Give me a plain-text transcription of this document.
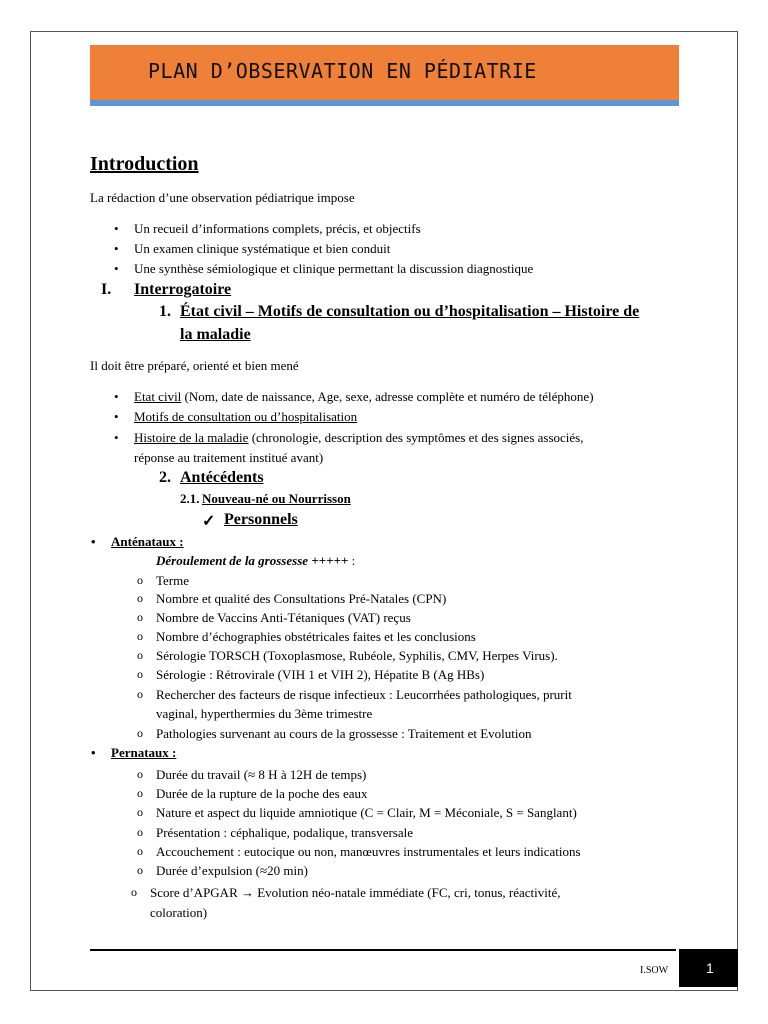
PLAN D’OBSERVATION EN PÉDIATRIE
Introduction
La rédaction d’une observation pédiatrique impose
• Un recueil d’informations complets, précis, et objectifs
• Un examen clinique systématique et bien conduit
• Une synthèse sémiologique et clinique permettant la discussion diagnostique
I. Interrogatoire
1. État civil – Motifs de consultation ou d’hospitalisation – Histoire de
la maladie
Il doit être préparé, orienté et bien mené
• Etat civil (Nom, date de naissance, Age, sexe, adresse complète et numéro de téléphone)
• Motifs de consultation ou d’hospitalisation
• Histoire de la maladie (chronologie, description des symptômes et des signes associés,
réponse au traitement institué avant)
2. Antécédents
2.1. Nouveau-né ou Nourrisson
✓ Personnels
• Anténataux :
Déroulement de la grossesse +++++ :
o Terme
o Nombre et qualité des Consultations Pré-Natales (CPN)
o Nombre de Vaccins Anti-Tétaniques (VAT) reçus
o Nombre d’échographies obstétricales faites et les conclusions
o Sérologie TORSCH (Toxoplasmose, Rubéole, Syphilis, CMV, Herpes Virus).
o Sérologie : Rétrovirale (VIH 1 et VIH 2), Hépatite B (Ag HBs)
o Rechercher des facteurs de risque infectieux : Leucorrhées pathologiques, prurit
vaginal, hyperthermies du 3ème trimestre
o Pathologies survenant au cours de la grossesse : Traitement et Evolution
• Pernataux :
o Durée du travail (≈ 8 H à 12H de temps)
o Durée de la rupture de la poche des eaux
o Nature et aspect du liquide amniotique (C = Clair, M = Méconiale, S = Sanglant)
o Présentation : céphalique, podalique, transversale
o Accouchement : eutocique ou non, manœuvres instrumentales et leurs indications
o Durée d’expulsion (≈20 min)
o Score d’APGAR → Evolution néo-natale immédiate (FC, cri, tonus, réactivité,
coloration)
I.SOW	1
